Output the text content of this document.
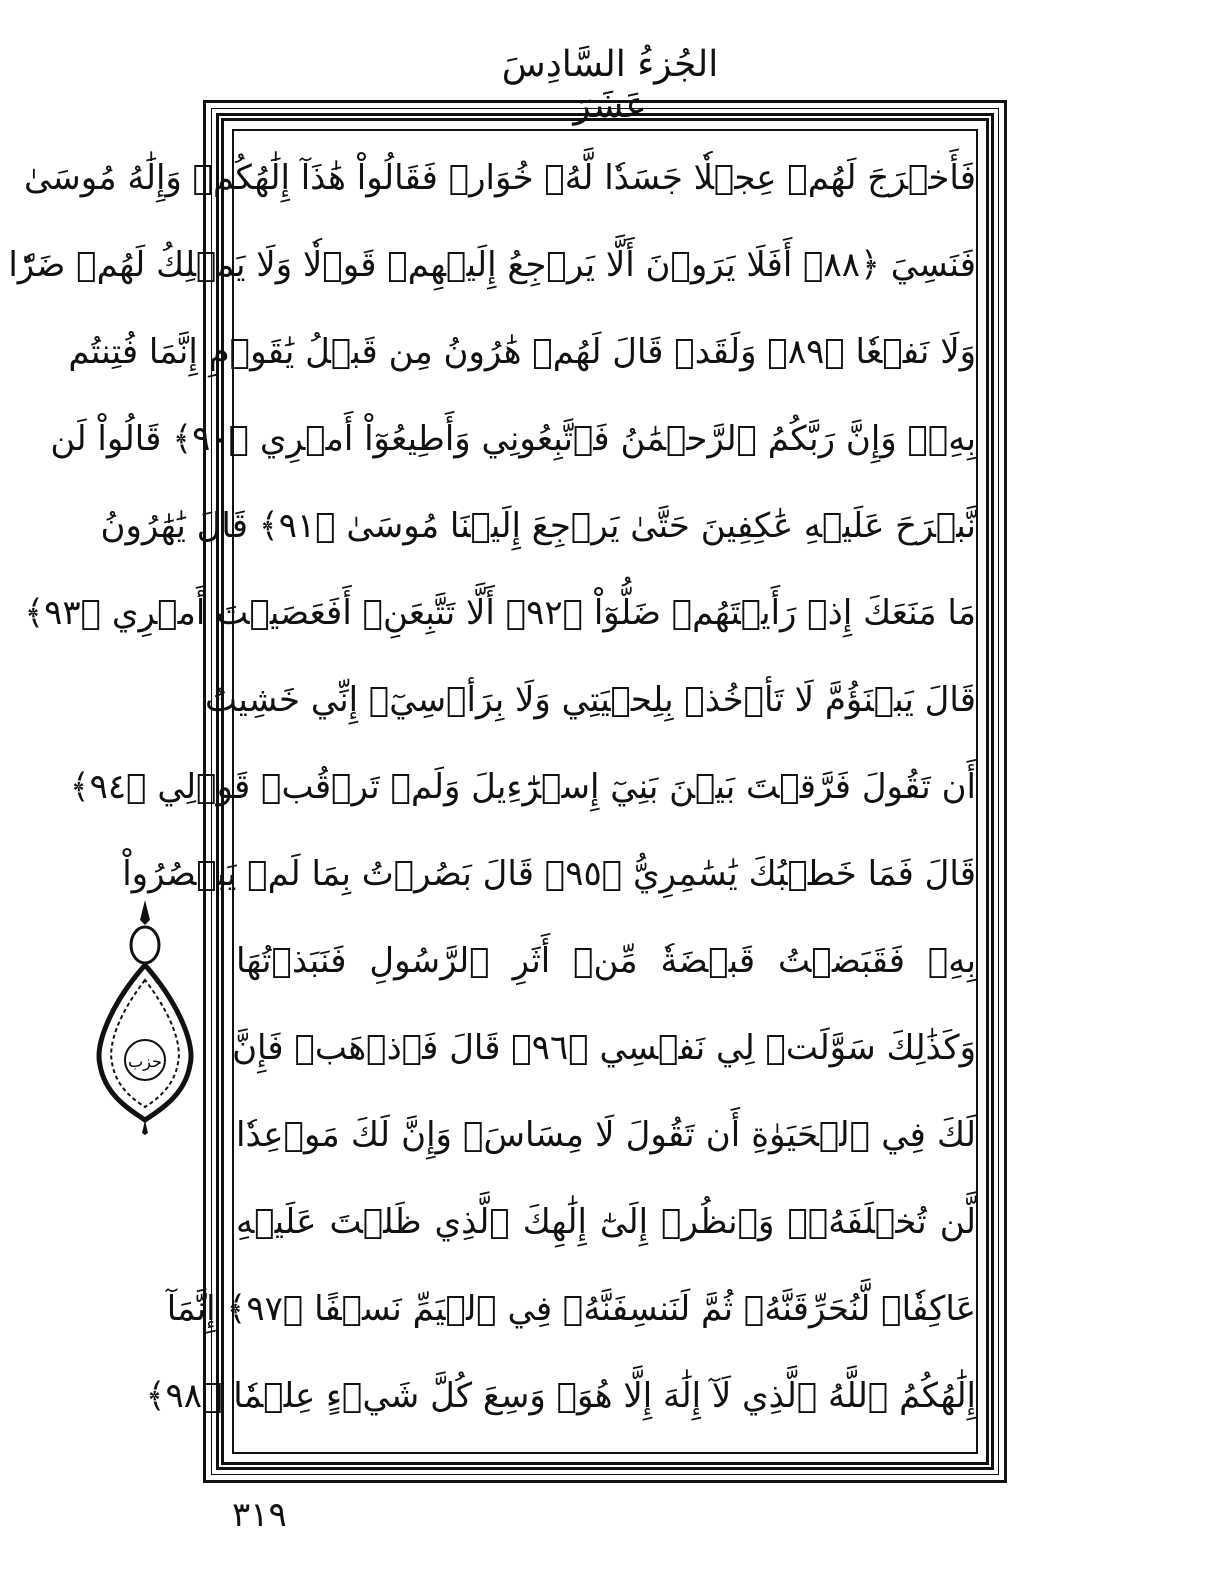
الجُزءُ السَّادِسَ عَشَرَ
فَأَخۡرَجَ لَهُمۡ عِجۡلٗا جَسَدٗا لَّهُۥ خُوَارٞ فَقَالُواْ هَٰذَآ إِلَٰهُكُمۡ وَإِلَٰهُ مُوسَىٰ
فَنَسِيَ ﴿٨٨﴾ أَفَلَا يَرَوۡنَ أَلَّا يَرۡجِعُ إِلَيۡهِمۡ قَوۡلٗا وَلَا يَمۡلِكُ لَهُمۡ ضَرّٗا
وَلَا نَفۡعٗا ﴿٨٩﴾ وَلَقَدۡ قَالَ لَهُمۡ هَٰرُونُ مِن قَبۡلُ يَٰقَوۡمِ إِنَّمَا فُتِنتُم
بِهِۦۖ وَإِنَّ رَبَّكُمُ ٱلرَّحۡمَٰنُ فَٱتَّبِعُونِي وَأَطِيعُوٓاْ أَمۡرِي ﴿٩٠﴾ قَالُواْ لَن
نَّبۡرَحَ عَلَيۡهِ عَٰكِفِينَ حَتَّىٰ يَرۡجِعَ إِلَيۡنَا مُوسَىٰ ﴿٩١﴾ قَالَ يَٰهَٰرُونُ
مَا مَنَعَكَ إِذۡ رَأَيۡتَهُمۡ ضَلُّوٓاْ ﴿٩٢﴾ أَلَّا تَتَّبِعَنِۖ أَفَعَصَيۡتَ أَمۡرِي ﴿٩٣﴾
قَالَ يَبۡنَؤُمَّ لَا تَأۡخُذۡ بِلِحۡيَتِي وَلَا بِرَأۡسِيٓۖ إِنِّي خَشِيتُ
أَن تَقُولَ فَرَّقۡتَ بَيۡنَ بَنِيٓ إِسۡرَٰٓءِيلَ وَلَمۡ تَرۡقُبۡ قَوۡلِي ﴿٩٤﴾
قَالَ فَمَا خَطۡبُكَ يَٰسَٰمِرِيُّ ﴿٩٥﴾ قَالَ بَصُرۡتُ بِمَا لَمۡ يَبۡصُرُواْ
بِهِۦ فَقَبَضۡتُ قَبۡضَةٗ مِّنۡ أَثَرِ ٱلرَّسُولِ فَنَبَذۡتُهَا
وَكَذَٰلِكَ سَوَّلَتۡ لِي نَفۡسِي ﴿٩٦﴾ قَالَ فَٱذۡهَبۡ فَإِنَّ
لَكَ فِي ٱلۡحَيَوٰةِ أَن تَقُولَ لَا مِسَاسَۖ وَإِنَّ لَكَ مَوۡعِدٗا
لَّن تُخۡلَفَهُۥۖ وَٱنظُرۡ إِلَىٰٓ إِلَٰهِكَ ٱلَّذِي ظَلۡتَ عَلَيۡهِ
عَاكِفٗاۖ لَّنُحَرِّقَنَّهُۥ ثُمَّ لَنَنسِفَنَّهُۥ فِي ٱلۡيَمِّ نَسۡفًا ﴿٩٧﴾ إِنَّمَآ
إِلَٰهُكُمُ ٱللَّهُ ٱلَّذِي لَآ إِلَٰهَ إِلَّا هُوَۚ وَسِعَ كُلَّ شَيۡءٍ عِلۡمٗا ﴿٩٨﴾
حزب
٣١٩
